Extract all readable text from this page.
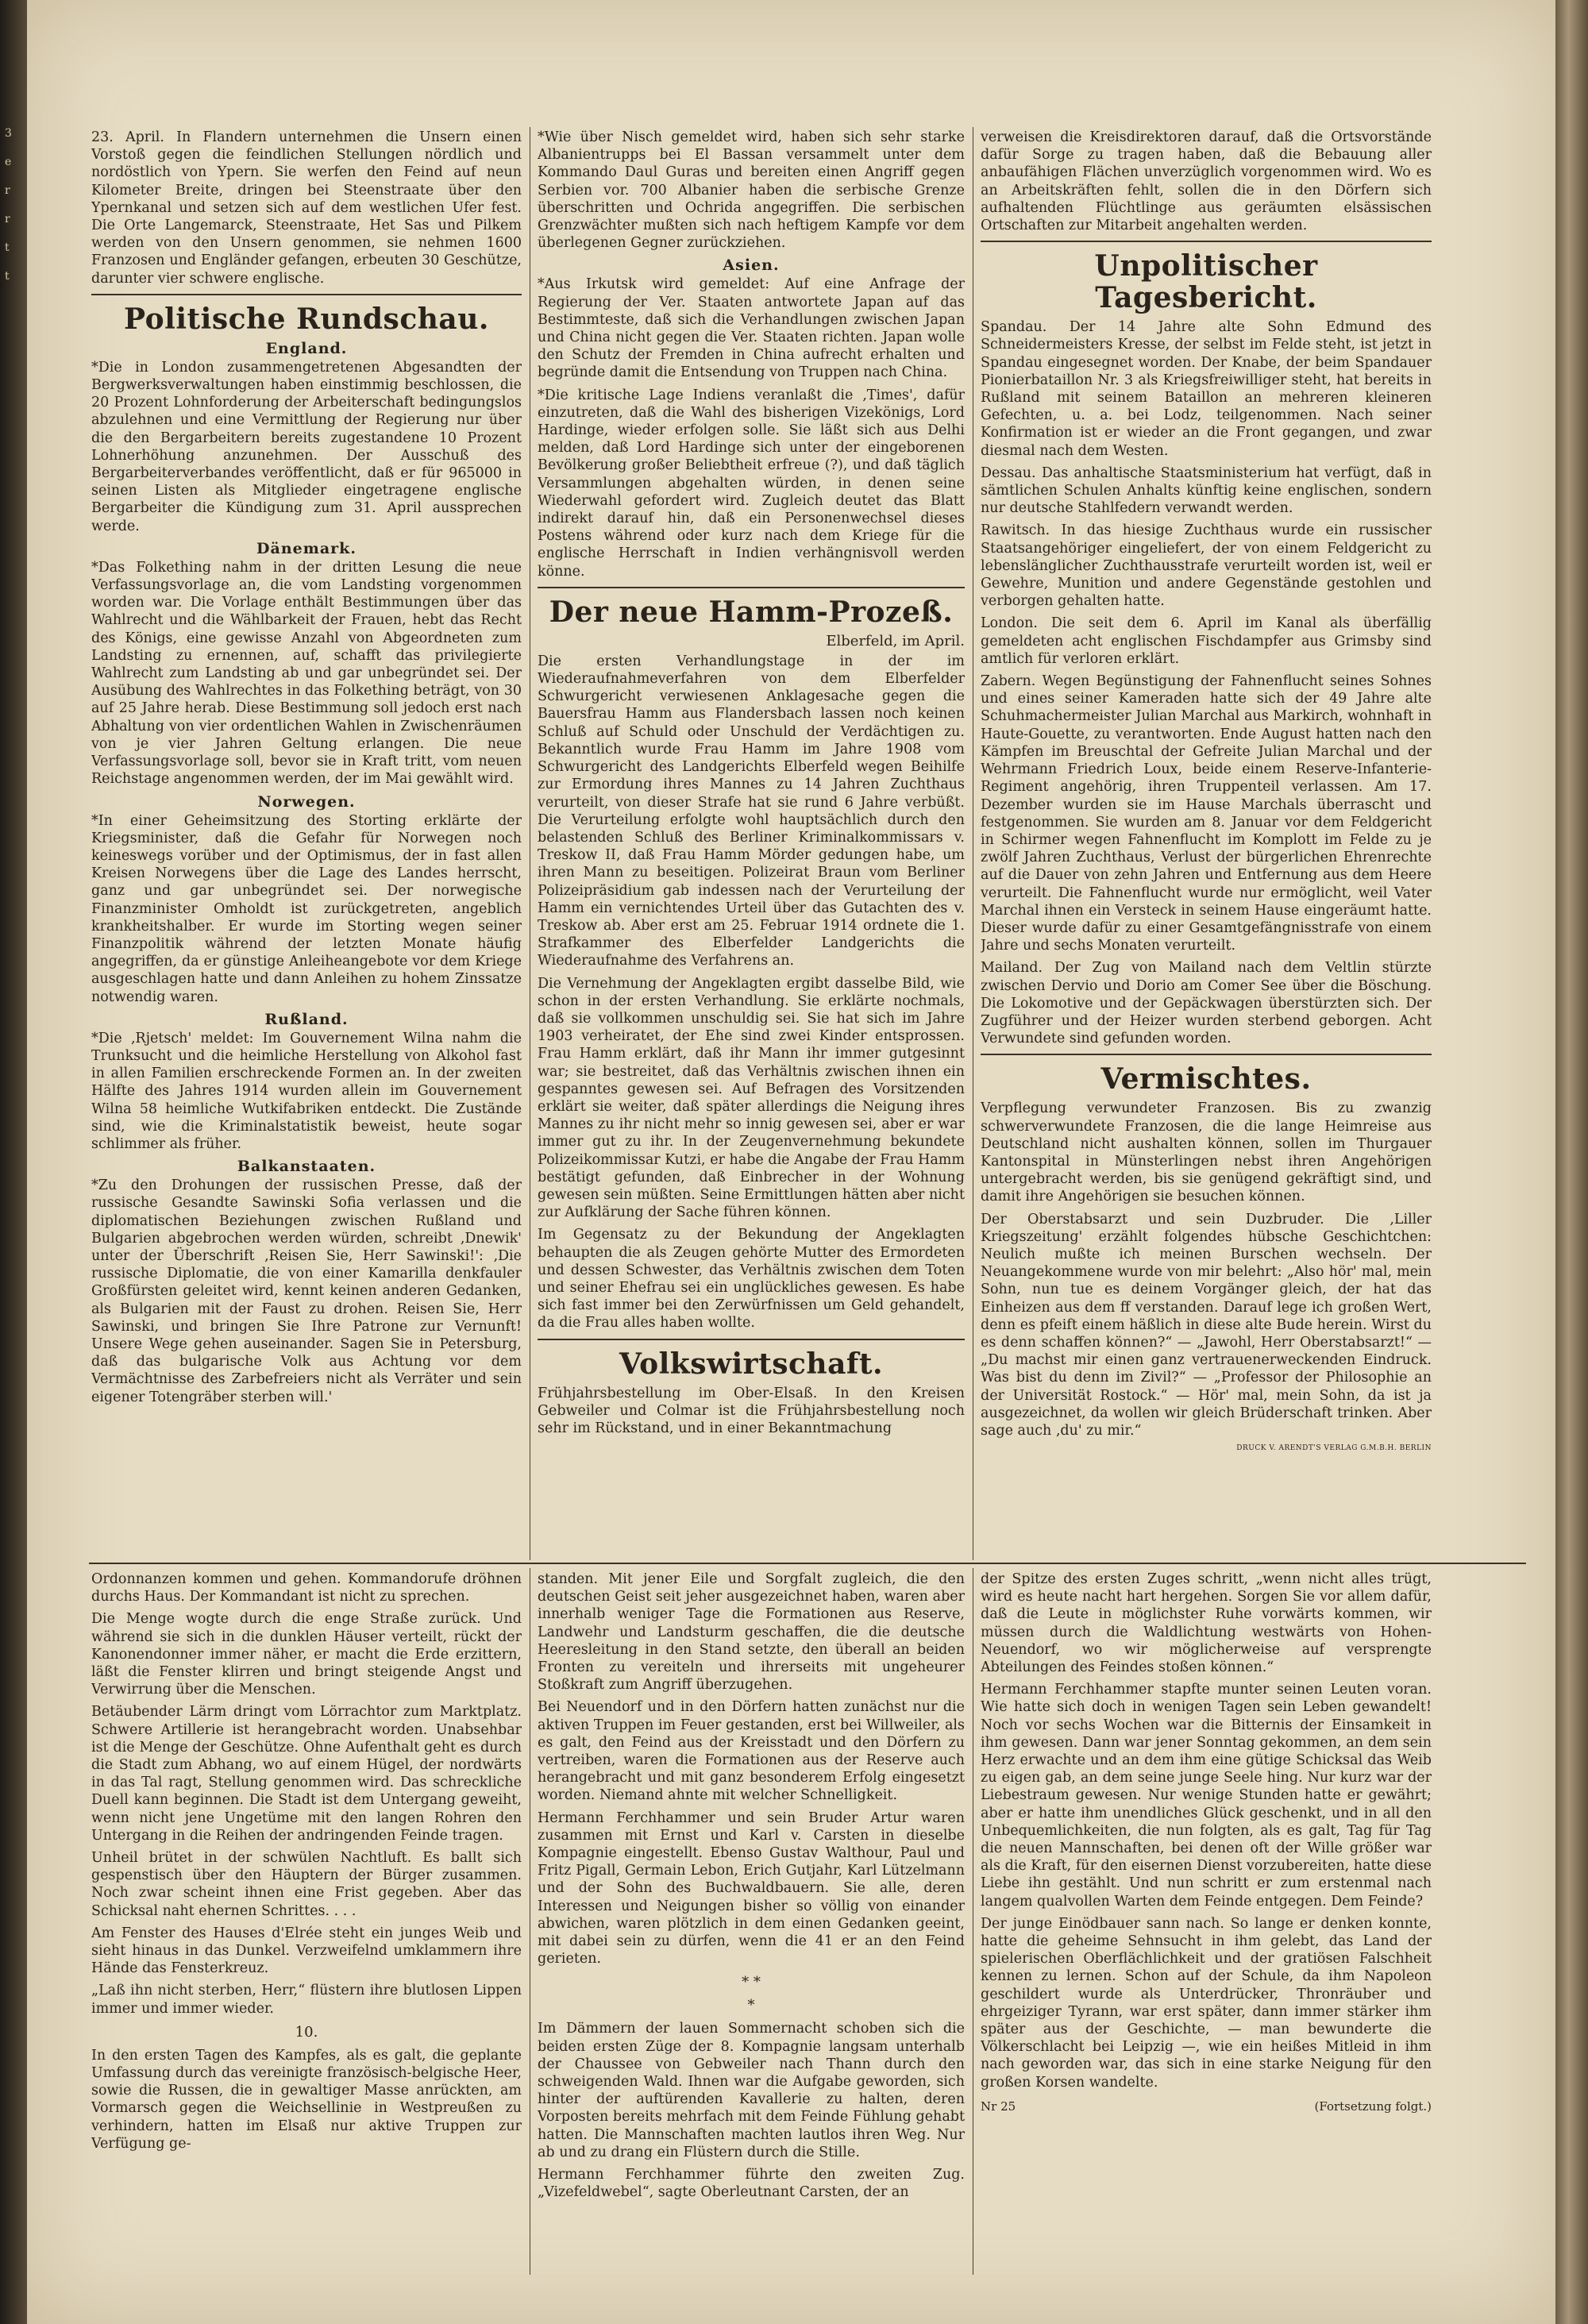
3
e
r
r
t
t

23. April. In Flandern unternehmen die Unsern einen Vorstoß gegen die feindlichen Stellungen nördlich und nordöstlich von Ypern. Sie werfen den Feind auf neun Kilometer Breite, dringen bei Steenstraate über den Ypernkanal und setzen sich auf dem westlichen Ufer fest. Die Orte Langemarck, Steenstraate, Het Sas und Pilkem werden von den Unsern genommen, sie nehmen 1600 Franzosen und Engländer gefangen, erbeuten 30 Geschütze, darunter vier schwere englische.

Politische Rundschau.
England.

*Die in London zusammengetretenen Abgesandten der Bergwerksverwaltungen haben einstimmig beschlossen, die 20 Prozent Lohnforderung der Arbeiterschaft bedingungslos abzulehnen und eine Vermittlung der Regierung nur über die den Bergarbeitern bereits zugestandene 10 Prozent Lohnerhöhung anzunehmen. Der Ausschuß des Bergarbeiterverbandes veröffentlicht, daß er für 965000 in seinen Listen als Mitglieder eingetragene englische Bergarbeiter die Kündigung zum 31. April aussprechen werde.

Dänemark.

*Das Folkething nahm in der dritten Lesung die neue Verfassungsvorlage an, die vom Landsting vorgenommen worden war. Die Vorlage enthält Bestimmungen über das Wahlrecht und die Wählbarkeit der Frauen, hebt das Recht des Königs, eine gewisse Anzahl von Abgeordneten zum Landsting zu ernennen, auf, schafft das privilegierte Wahlrecht zum Landsting ab und gar unbegründet sei. Der Ausübung des Wahlrechtes in das Folkething beträgt, von 30 auf 25 Jahre herab. Diese Bestimmung soll jedoch erst nach Abhaltung von vier ordentlichen Wahlen in Zwischenräumen von je vier Jahren Geltung erlangen. Die neue Verfassungsvorlage soll, bevor sie in Kraft tritt, vom neuen Reichstage angenommen werden, der im Mai gewählt wird.

Norwegen.

*In einer Geheimsitzung des Storting erklärte der Kriegsminister, daß die Gefahr für Norwegen noch keineswegs vorüber und der Optimismus, der in fast allen Kreisen Norwegens über die Lage des Landes herrscht, ganz und gar unbegründet sei. Der norwegische Finanzminister Omholdt ist zurückgetreten, angeblich krankheitshalber. Er wurde im Storting wegen seiner Finanzpolitik während der letzten Monate häufig angegriffen, da er günstige Anleiheangebote vor dem Kriege ausgeschlagen hatte und dann Anleihen zu hohem Zinssatze notwendig waren.

Rußland.

*Die ‚Rjetsch' meldet: Im Gouvernement Wilna nahm die Trunksucht und die heimliche Herstellung von Alkohol fast in allen Familien erschreckende Formen an. In der zweiten Hälfte des Jahres 1914 wurden allein im Gouvernement Wilna 58 heimliche Wutkifabriken entdeckt. Die Zustände sind, wie die Kriminalstatistik beweist, heute sogar schlimmer als früher.

Balkanstaaten.

*Zu den Drohungen der russischen Presse, daß der russische Gesandte Sawinski Sofia verlassen und die diplomatischen Beziehungen zwischen Rußland und Bulgarien abgebrochen werden würden, schreibt ‚Dnewik' unter der Überschrift ‚Reisen Sie, Herr Sawinski!': ‚Die russische Diplomatie, die von einer Kamarilla denkfauler Großfürsten geleitet wird, kennt keinen anderen Gedanken, als Bulgarien mit der Faust zu drohen. Reisen Sie, Herr Sawinski, und bringen Sie Ihre Patrone zur Vernunft! Unsere Wege gehen auseinander. Sagen Sie in Petersburg, daß das bulgarische Volk aus Achtung vor dem Vermächtnisse des Zarbefreiers nicht als Verräter und sein eigener Totengräber sterben will.'

*Wie über Nisch gemeldet wird, haben sich sehr starke Albanientrupps bei El Bassan versammelt unter dem Kommando Daul Guras und bereiten einen Angriff gegen Serbien vor. 700 Albanier haben die serbische Grenze überschritten und Ochrida angegriffen. Die serbischen Grenzwächter mußten sich nach heftigem Kampfe vor dem überlegenen Gegner zurückziehen.

Asien.

*Aus Irkutsk wird gemeldet: Auf eine Anfrage der Regierung der Ver. Staaten antwortete Japan auf das Bestimmteste, daß sich die Verhandlungen zwischen Japan und China nicht gegen die Ver. Staaten richten. Japan wolle den Schutz der Fremden in China aufrecht erhalten und begründe damit die Entsendung von Truppen nach China.

*Die kritische Lage Indiens veranlaßt die ‚Times', dafür einzutreten, daß die Wahl des bisherigen Vizekönigs, Lord Hardinge, wieder erfolgen solle. Sie läßt sich aus Delhi melden, daß Lord Hardinge sich unter der eingeborenen Bevölkerung großer Beliebtheit erfreue (?), und daß täglich Versammlungen abgehalten würden, in denen seine Wiederwahl gefordert wird. Zugleich deutet das Blatt indirekt darauf hin, daß ein Personenwechsel dieses Postens während oder kurz nach dem Kriege für die englische Herrschaft in Indien verhängnisvoll werden könne.

Der neue Hamm-Prozeß.
Elberfeld, im April.

Die ersten Verhandlungstage in der im Wiederaufnahmeverfahren von dem Elberfelder Schwurgericht verwiesenen Anklagesache gegen die Bauersfrau Hamm aus Flandersbach lassen noch keinen Schluß auf Schuld oder Unschuld der Verdächtigen zu. Bekanntlich wurde Frau Hamm im Jahre 1908 vom Schwurgericht des Landgerichts Elberfeld wegen Beihilfe zur Ermordung ihres Mannes zu 14 Jahren Zuchthaus verurteilt, von dieser Strafe hat sie rund 6 Jahre verbüßt. Die Verurteilung erfolgte wohl hauptsächlich durch den belastenden Schluß des Berliner Kriminalkommissars v. Treskow II, daß Frau Hamm Mörder gedungen habe, um ihren Mann zu beseitigen. Polizeirat Braun vom Berliner Polizeipräsidium gab indessen nach der Verurteilung der Hamm ein vernichtendes Urteil über das Gutachten des v. Treskow ab. Aber erst am 25. Februar 1914 ordnete die 1. Strafkammer des Elberfelder Landgerichts die Wiederaufnahme des Verfahrens an.

Die Vernehmung der Angeklagten ergibt dasselbe Bild, wie schon in der ersten Verhandlung. Sie erklärte nochmals, daß sie vollkommen unschuldig sei. Sie hat sich im Jahre 1903 verheiratet, der Ehe sind zwei Kinder entsprossen. Frau Hamm erklärt, daß ihr Mann ihr immer gutgesinnt war; sie bestreitet, daß das Verhältnis zwischen ihnen ein gespanntes gewesen sei. Auf Befragen des Vorsitzenden erklärt sie weiter, daß später allerdings die Neigung ihres Mannes zu ihr nicht mehr so innig gewesen sei, aber er war immer gut zu ihr. In der Zeugenvernehmung bekundete Polizeikommissar Kutzi, er habe die Angabe der Frau Hamm bestätigt gefunden, daß Einbrecher in der Wohnung gewesen sein müßten. Seine Ermittlungen hätten aber nicht zur Aufklärung der Sache führen können.

Im Gegensatz zu der Bekundung der Angeklagten behaupten die als Zeugen gehörte Mutter des Ermordeten und dessen Schwester, das Verhältnis zwischen dem Toten und seiner Ehefrau sei ein unglückliches gewesen. Es habe sich fast immer bei den Zerwürfnissen um Geld gehandelt, da die Frau alles haben wollte.

Volkswirtschaft.

Frühjahrsbestellung im Ober-Elsaß. In den Kreisen Gebweiler und Colmar ist die Frühjahrsbestellung noch sehr im Rückstand, und in einer Bekanntmachung

verweisen die Kreisdirektoren darauf, daß die Ortsvorstände dafür Sorge zu tragen haben, daß die Bebauung aller anbaufähigen Flächen unverzüglich vorgenommen wird. Wo es an Arbeitskräften fehlt, sollen die in den Dörfern sich aufhaltenden Flüchtlinge aus geräumten elsässischen Ortschaften zur Mitarbeit angehalten werden.

Unpolitischer Tagesbericht.

Spandau. Der 14 Jahre alte Sohn Edmund des Schneidermeisters Kresse, der selbst im Felde steht, ist jetzt in Spandau eingesegnet worden. Der Knabe, der beim Spandauer Pionierbataillon Nr. 3 als Kriegsfreiwilliger steht, hat bereits in Rußland mit seinem Bataillon an mehreren kleineren Gefechten, u. a. bei Lodz, teilgenommen. Nach seiner Konfirmation ist er wieder an die Front gegangen, und zwar diesmal nach dem Westen.

Dessau. Das anhaltische Staatsministerium hat verfügt, daß in sämtlichen Schulen Anhalts künftig keine englischen, sondern nur deutsche Stahlfedern verwandt werden.

Rawitsch. In das hiesige Zuchthaus wurde ein russischer Staatsangehöriger eingeliefert, der von einem Feldgericht zu lebenslänglicher Zuchthausstrafe verurteilt worden ist, weil er Gewehre, Munition und andere Gegenstände gestohlen und verborgen gehalten hatte.

London. Die seit dem 6. April im Kanal als überfällig gemeldeten acht englischen Fischdampfer aus Grimsby sind amtlich für verloren erklärt.

Zabern. Wegen Begünstigung der Fahnenflucht seines Sohnes und eines seiner Kameraden hatte sich der 49 Jahre alte Schuhmachermeister Julian Marchal aus Markirch, wohnhaft in Haute-Gouette, zu verantworten. Ende August hatten nach den Kämpfen im Breuschtal der Gefreite Julian Marchal und der Wehrmann Friedrich Loux, beide einem Reserve-Infanterie-Regiment angehörig, ihren Truppenteil verlassen. Am 17. Dezember wurden sie im Hause Marchals überrascht und festgenommen. Sie wurden am 8. Januar vor dem Feldgericht in Schirmer wegen Fahnenflucht im Komplott im Felde zu je zwölf Jahren Zuchthaus, Verlust der bürgerlichen Ehrenrechte auf die Dauer von zehn Jahren und Entfernung aus dem Heere verurteilt. Die Fahnenflucht wurde nur ermöglicht, weil Vater Marchal ihnen ein Versteck in seinem Hause eingeräumt hatte. Dieser wurde dafür zu einer Gesamtgefängnisstrafe von einem Jahre und sechs Monaten verurteilt.

Mailand. Der Zug von Mailand nach dem Veltlin stürzte zwischen Dervio und Dorio am Comer See über die Böschung. Die Lokomotive und der Gepäckwagen überstürzten sich. Der Zugführer und der Heizer wurden sterbend geborgen. Acht Verwundete sind gefunden worden.

Vermischtes.

Verpflegung verwundeter Franzosen. Bis zu zwanzig schwerverwundete Franzosen, die die lange Heimreise aus Deutschland nicht aushalten können, sollen im Thurgauer Kantonspital in Münsterlingen nebst ihren Angehörigen untergebracht werden, bis sie genügend gekräftigt sind, und damit ihre Angehörigen sie besuchen können.

Der Oberstabsarzt und sein Duzbruder. Die ‚Liller Kriegszeitung' erzählt folgendes hübsche Geschichtchen: Neulich mußte ich meinen Burschen wechseln. Der Neuangekommene wurde von mir belehrt: „Also hör' mal, mein Sohn, nun tue es deinem Vorgänger gleich, der hat das Einheizen aus dem ff verstanden. Darauf lege ich großen Wert, denn es pfeift einem häßlich in diese alte Bude herein. Wirst du es denn schaffen können?“ — „Jawohl, Herr Oberstabsarzt!“ — „Du machst mir einen ganz vertrauenerweckenden Eindruck. Was bist du denn im Zivil?“ — „Professor der Philosophie an der Universität Rostock.“ — Hör' mal, mein Sohn, da ist ja ausgezeichnet, da wollen wir gleich Brüderschaft trinken. Aber sage auch ‚du' zu mir.“

DRUCK V. ARENDT'S VERLAG G.M.B.H. BERLIN

Ordonnanzen kommen und gehen. Kommandorufe dröhnen durchs Haus. Der Kommandant ist nicht zu sprechen.

Die Menge wogte durch die enge Straße zurück. Und während sie sich in die dunklen Häuser verteilt, rückt der Kanonendonner immer näher, er macht die Erde erzittern, läßt die Fenster klirren und bringt steigende Angst und Verwirrung über die Menschen.

Betäubender Lärm dringt vom Lörrachtor zum Marktplatz. Schwere Artillerie ist herangebracht worden. Unabsehbar ist die Menge der Geschütze. Ohne Aufenthalt geht es durch die Stadt zum Abhang, wo auf einem Hügel, der nordwärts in das Tal ragt, Stellung genommen wird. Das schreckliche Duell kann beginnen. Die Stadt ist dem Untergang geweiht, wenn nicht jene Ungetüme mit den langen Rohren den Untergang in die Reihen der andringenden Feinde tragen.

Unheil brütet in der schwülen Nachtluft. Es ballt sich gespenstisch über den Häuptern der Bürger zusammen. Noch zwar scheint ihnen eine Frist gegeben. Aber das Schicksal naht ehernen Schrittes. . . .

Am Fenster des Hauses d'Elrée steht ein junges Weib und sieht hinaus in das Dunkel. Verzweifelnd umklammern ihre Hände das Fensterkreuz.

„Laß ihn nicht sterben, Herr,“ flüstern ihre blutlosen Lippen immer und immer wieder.

10.

In den ersten Tagen des Kampfes, als es galt, die geplante Umfassung durch das vereinigte französisch-belgische Heer, sowie die Russen, die in gewaltiger Masse anrückten, am Vormarsch gegen die Weichsellinie in Westpreußen zu verhindern, hatten im Elsaß nur aktive Truppen zur Verfügung ge-

standen. Mit jener Eile und Sorgfalt zugleich, die den deutschen Geist seit jeher ausgezeichnet haben, waren aber innerhalb weniger Tage die Formationen aus Reserve, Landwehr und Landsturm geschaffen, die die deutsche Heeresleitung in den Stand setzte, den überall an beiden Fronten zu vereiteln und ihrerseits mit ungeheurer Stoßkraft zum Angriff überzugehen.

Bei Neuendorf und in den Dörfern hatten zunächst nur die aktiven Truppen im Feuer gestanden, erst bei Willweiler, als es galt, den Feind aus der Kreisstadt und den Dörfern zu vertreiben, waren die Formationen aus der Reserve auch herangebracht und mit ganz besonderem Erfolg eingesetzt worden. Niemand ahnte mit welcher Schnelligkeit.

Hermann Ferchhammer und sein Bruder Artur waren zusammen mit Ernst und Karl v. Carsten in dieselbe Kompagnie eingestellt. Ebenso Gustav Walthour, Paul und Fritz Pigall, Germain Lebon, Erich Gutjahr, Karl Lützelmann und der Sohn des Buchwaldbauern. Sie alle, deren Interessen und Neigungen bisher so völlig von einander abwichen, waren plötzlich in dem einen Gedanken geeint, mit dabei sein zu dürfen, wenn die 41 er an den Feind gerieten.

* *
*

Im Dämmern der lauen Sommernacht schoben sich die beiden ersten Züge der 8. Kompagnie langsam unterhalb der Chaussee von Gebweiler nach Thann durch den schweigenden Wald. Ihnen war die Aufgabe geworden, sich hinter der auftürenden Kavallerie zu halten, deren Vorposten bereits mehrfach mit dem Feinde Fühlung gehabt hatten. Die Mannschaften machten lautlos ihren Weg. Nur ab und zu drang ein Flüstern durch die Stille.

Hermann Ferchhammer führte den zweiten Zug. „Vizefeldwebel“, sagte Oberleutnant Carsten, der an

der Spitze des ersten Zuges schritt, „wenn nicht alles trügt, wird es heute nacht hart hergehen. Sorgen Sie vor allem dafür, daß die Leute in möglichster Ruhe vorwärts kommen, wir müssen durch die Waldlichtung westwärts von Hohen-Neuendorf, wo wir möglicherweise auf versprengte Abteilungen des Feindes stoßen können.“

Hermann Ferchhammer stapfte munter seinen Leuten voran. Wie hatte sich doch in wenigen Tagen sein Leben gewandelt! Noch vor sechs Wochen war die Bitternis der Einsamkeit in ihm gewesen. Dann war jener Sonntag gekommen, an dem sein Herz erwachte und an dem ihm eine gütige Schicksal das Weib zu eigen gab, an dem seine junge Seele hing. Nur kurz war der Liebestraum gewesen. Nur wenige Stunden hatte er gewährt; aber er hatte ihm unendliches Glück geschenkt, und in all den Unbequemlichkeiten, die nun folgten, als es galt, Tag für Tag die neuen Mannschaften, bei denen oft der Wille größer war als die Kraft, für den eisernen Dienst vorzubereiten, hatte diese Liebe ihn gestählt. Und nun schritt er zum erstenmal nach langem qualvollen Warten dem Feinde entgegen. Dem Feinde?

Der junge Einödbauer sann nach. So lange er denken konnte, hatte die geheime Sehnsucht in ihm gelebt, das Land der spielerischen Oberflächlichkeit und der gratiösen Falschheit kennen zu lernen. Schon auf der Schule, da ihm Napoleon geschildert wurde als Unterdrücker, Thronräuber und ehrgeiziger Tyrann, war erst später, dann immer stärker ihm später aus der Geschichte, — man bewunderte die Völkerschlacht bei Leipzig —, wie ein heißes Mitleid in ihm nach geworden war, das sich in eine starke Neigung für den großen Korsen wandelte.

Nr 25	(Fortsetzung folgt.)
